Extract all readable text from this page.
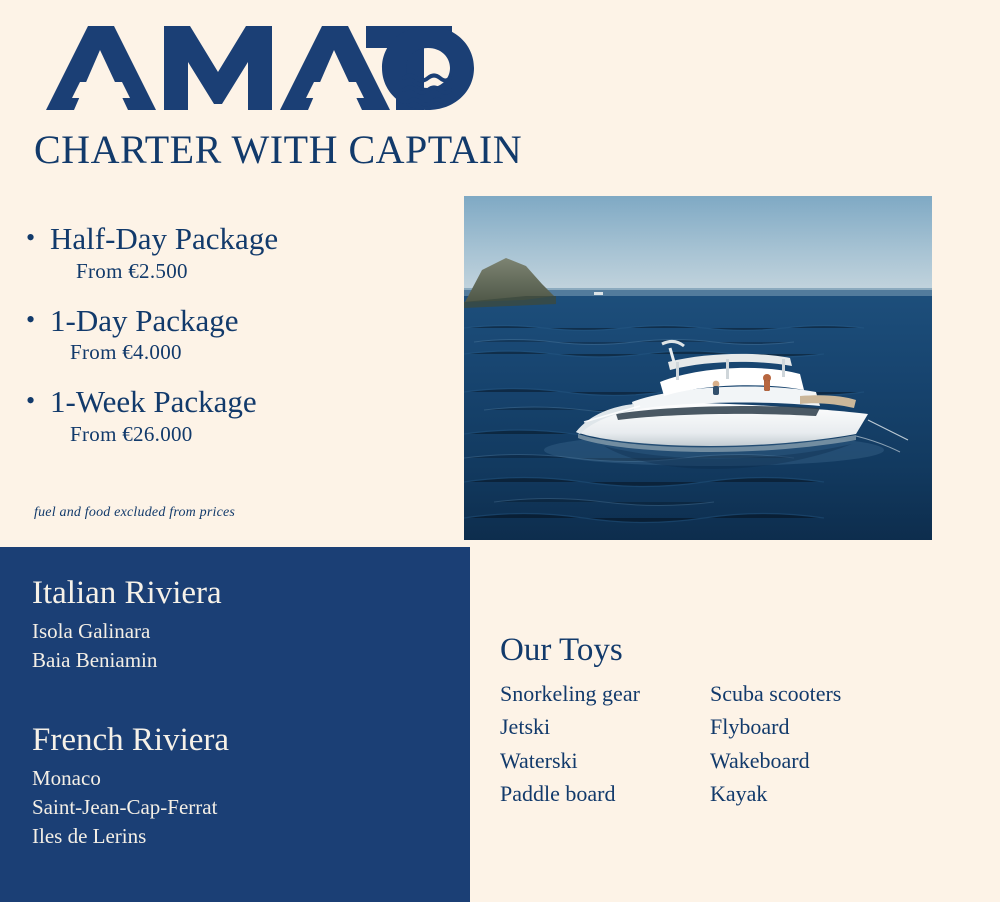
CHARTER WITH CAPTAIN
• Half-Day Package
From €2.500
• 1-Day Package
From €4.000
• 1-Week Package
From €26.000
fuel and food excluded from prices
Italian Riviera
Isola Galinara
Baia Beniamin
French Riviera
Monaco
Saint-Jean-Cap-Ferrat
Iles de Lerins
Our Toys
Snorkeling gear
Jetski
Waterski
Paddle board
Scuba scooters
Flyboard
Wakeboard
Kayak
